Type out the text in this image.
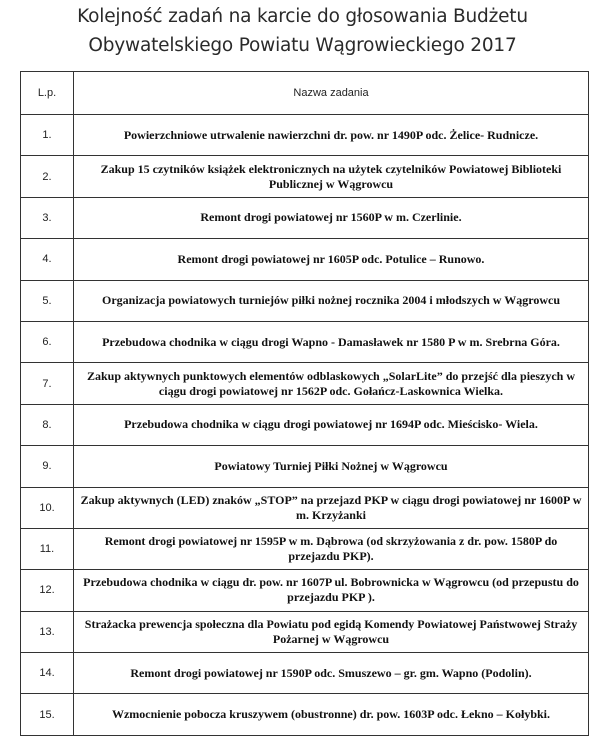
Kolejność zadań na karcie do głosowania Budżetu
Obywatelskiego Powiatu Wągrowieckiego 2017
L.p.	Nazwa zadania
1.	Powierzchniowe utrwalenie nawierzchni dr. pow. nr 1490P odc. Żelice- Rudnicze.
2.	Zakup 15 czytników książek elektronicznych na użytek czytelników Powiatowej Biblioteki Publicznej w Wągrowcu
3.	Remont drogi powiatowej nr 1560P w m. Czerlinie.
4.	Remont drogi powiatowej nr 1605P odc. Potulice – Runowo.
5.	Organizacja powiatowych turniejów piłki nożnej rocznika 2004 i młodszych w Wągrowcu
6.	Przebudowa chodnika w ciągu drogi Wapno - Damasławek nr 1580 P w m. Srebrna Góra.
7.	Zakup aktywnych punktowych elementów odblaskowych „SolarLite” do przejść dla pieszych w ciągu drogi powiatowej nr 1562P odc. Gołańcz-Laskownica Wielka.
8.	Przebudowa chodnika w ciągu drogi powiatowej nr 1694P odc. Mieścisko- Wiela.
9.	Powiatowy Turniej Piłki Nożnej w Wągrowcu
10.	Zakup aktywnych (LED) znaków „STOP” na przejazd PKP w ciągu drogi powiatowej nr 1600P w m. Krzyżanki
11.	Remont drogi powiatowej nr 1595P w m. Dąbrowa (od skrzyżowania z dr. pow. 1580P do przejazdu PKP).
12.	Przebudowa chodnika w ciągu dr. pow. nr 1607P ul. Bobrownicka w Wągrowcu (od przepustu do przejazdu PKP ).
13.	Strażacka prewencja społeczna dla Powiatu pod egidą Komendy Powiatowej Państwowej Straży Pożarnej w Wągrowcu
14.	Remont drogi powiatowej nr 1590P odc. Smuszewo – gr. gm. Wapno (Podolin).
15.	Wzmocnienie pobocza kruszywem (obustronne) dr. pow. 1603P odc. Łekno – Kołybki.
